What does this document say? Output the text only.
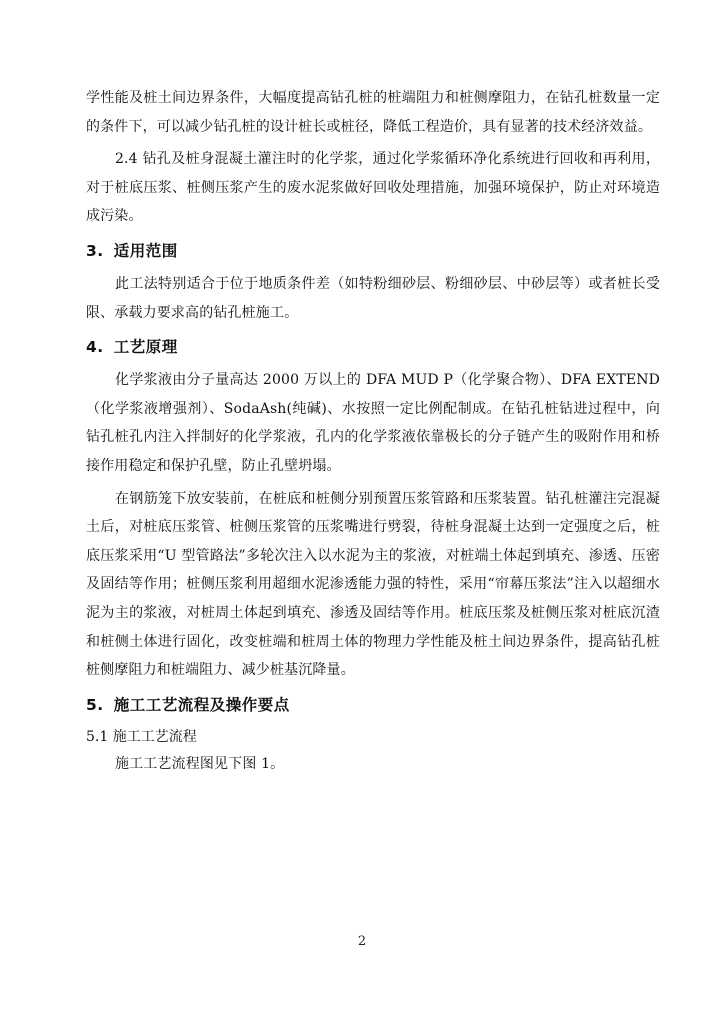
学性能及桩土间边界条件，大幅度提高钻孔桩的桩端阻力和桩侧摩阻力，在钻孔桩数量一定的条件下，可以减少钻孔桩的设计桩长或桩径，降低工程造价，具有显著的技术经济效益。

2.4 钻孔及桩身混凝土灌注时的化学浆，通过化学浆循环净化系统进行回收和再利用，对于桩底压浆、桩侧压浆产生的废水泥浆做好回收处理措施，加强环境保护，防止对环境造成污染。

3. 适用范围

此工法特别适合于位于地质条件差（如特粉细砂层、粉细砂层、中砂层等）或者桩长受限、承载力要求高的钻孔桩施工。

4. 工艺原理

化学浆液由分子量高达 2000 万以上的 DFA MUD P（化学聚合物）、DFA EXTEND（化学浆液增强剂）、SodaAsh(纯碱)、水按照一定比例配制成。在钻孔桩钻进过程中，向钻孔桩孔内注入拌制好的化学浆液，孔内的化学浆液依靠极长的分子链产生的吸附作用和桥接作用稳定和保护孔壁，防止孔壁坍塌。

在钢筋笼下放安装前，在桩底和桩侧分别预置压浆管路和压浆装置。钻孔桩灌注完混凝土后，对桩底压浆管、桩侧压浆管的压浆嘴进行劈裂，待桩身混凝土达到一定强度之后，桩底压浆采用“U 型管路法”多轮次注入以水泥为主的浆液，对桩端土体起到填充、渗透、压密及固结等作用；桩侧压浆利用超细水泥渗透能力强的特性，采用“帘幕压浆法”注入以超细水泥为主的浆液，对桩周土体起到填充、渗透及固结等作用。桩底压浆及桩侧压浆对桩底沉渣和桩侧土体进行固化，改变桩端和桩周土体的物理力学性能及桩土间边界条件，提高钻孔桩桩侧摩阻力和桩端阻力、减少桩基沉降量。

5. 施工工艺流程及操作要点

5.1 施工工艺流程

施工工艺流程图见下图 1。

2
